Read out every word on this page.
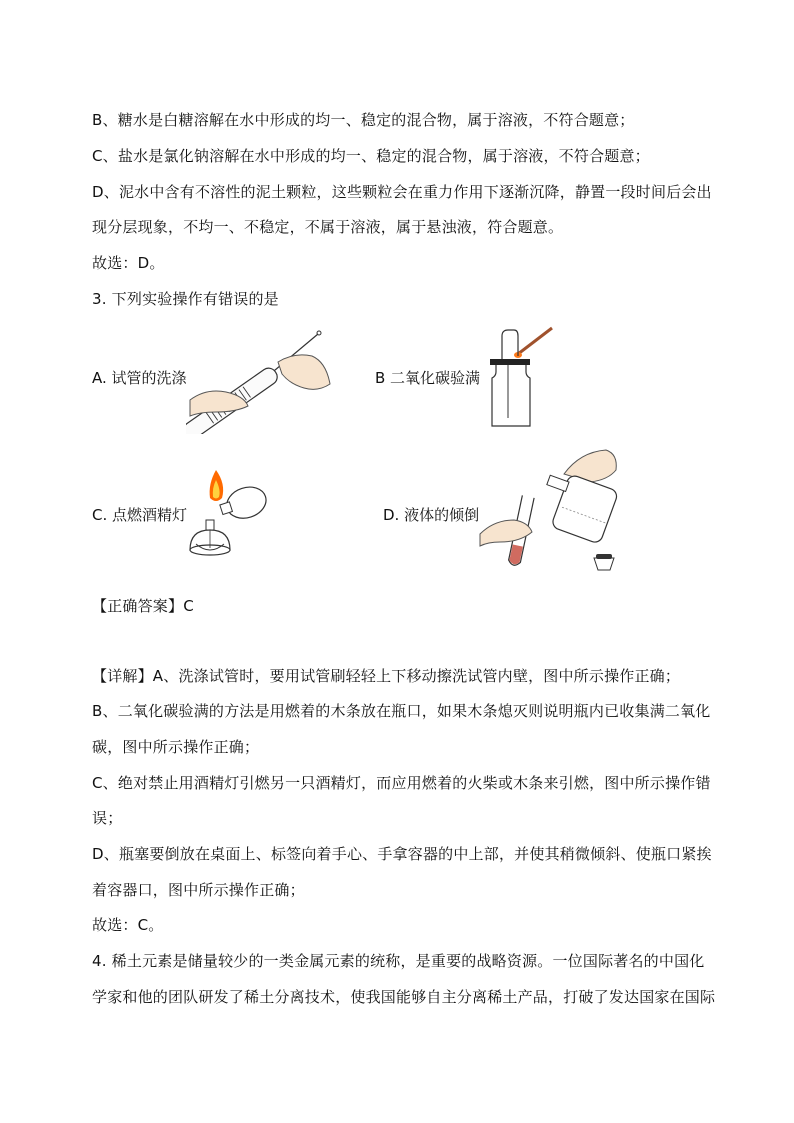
B、糖水是白糖溶解在水中形成的均一、稳定的混合物，属于溶液，不符合题意；
C、盐水是氯化钠溶解在水中形成的均一、稳定的混合物，属于溶液，不符合题意；
D、泥水中含有不溶性的泥土颗粒，这些颗粒会在重力作用下逐渐沉降，静置一段时间后会出
现分层现象，不均一、不稳定，不属于溶液，属于悬浊液，符合题意。
故选：D。
3. 下列实验操作有错误的是
A. 试管的洗涤	B 二氧化碳验满
C. 点燃酒精灯	D. 液体的倾倒
【正确答案】C
【详解】A、洗涤试管时，要用试管刷轻轻上下移动擦洗试管内壁，图中所示操作正确；
B、二氧化碳验满的方法是用燃着的木条放在瓶口，如果木条熄灭则说明瓶内已收集满二氧化
碳，图中所示操作正确；
C、绝对禁止用酒精灯引燃另一只酒精灯，而应用燃着的火柴或木条来引燃，图中所示操作错
误；
D、瓶塞要倒放在桌面上、标签向着手心、手拿容器的中上部，并使其稍微倾斜、使瓶口紧挨
着容器口，图中所示操作正确；
故选：C。
4. 稀土元素是储量较少的一类金属元素的统称，是重要的战略资源。一位国际著名的中国化
学家和他的团队研发了稀土分离技术，使我国能够自主分离稀土产品，打破了发达国家在国际
